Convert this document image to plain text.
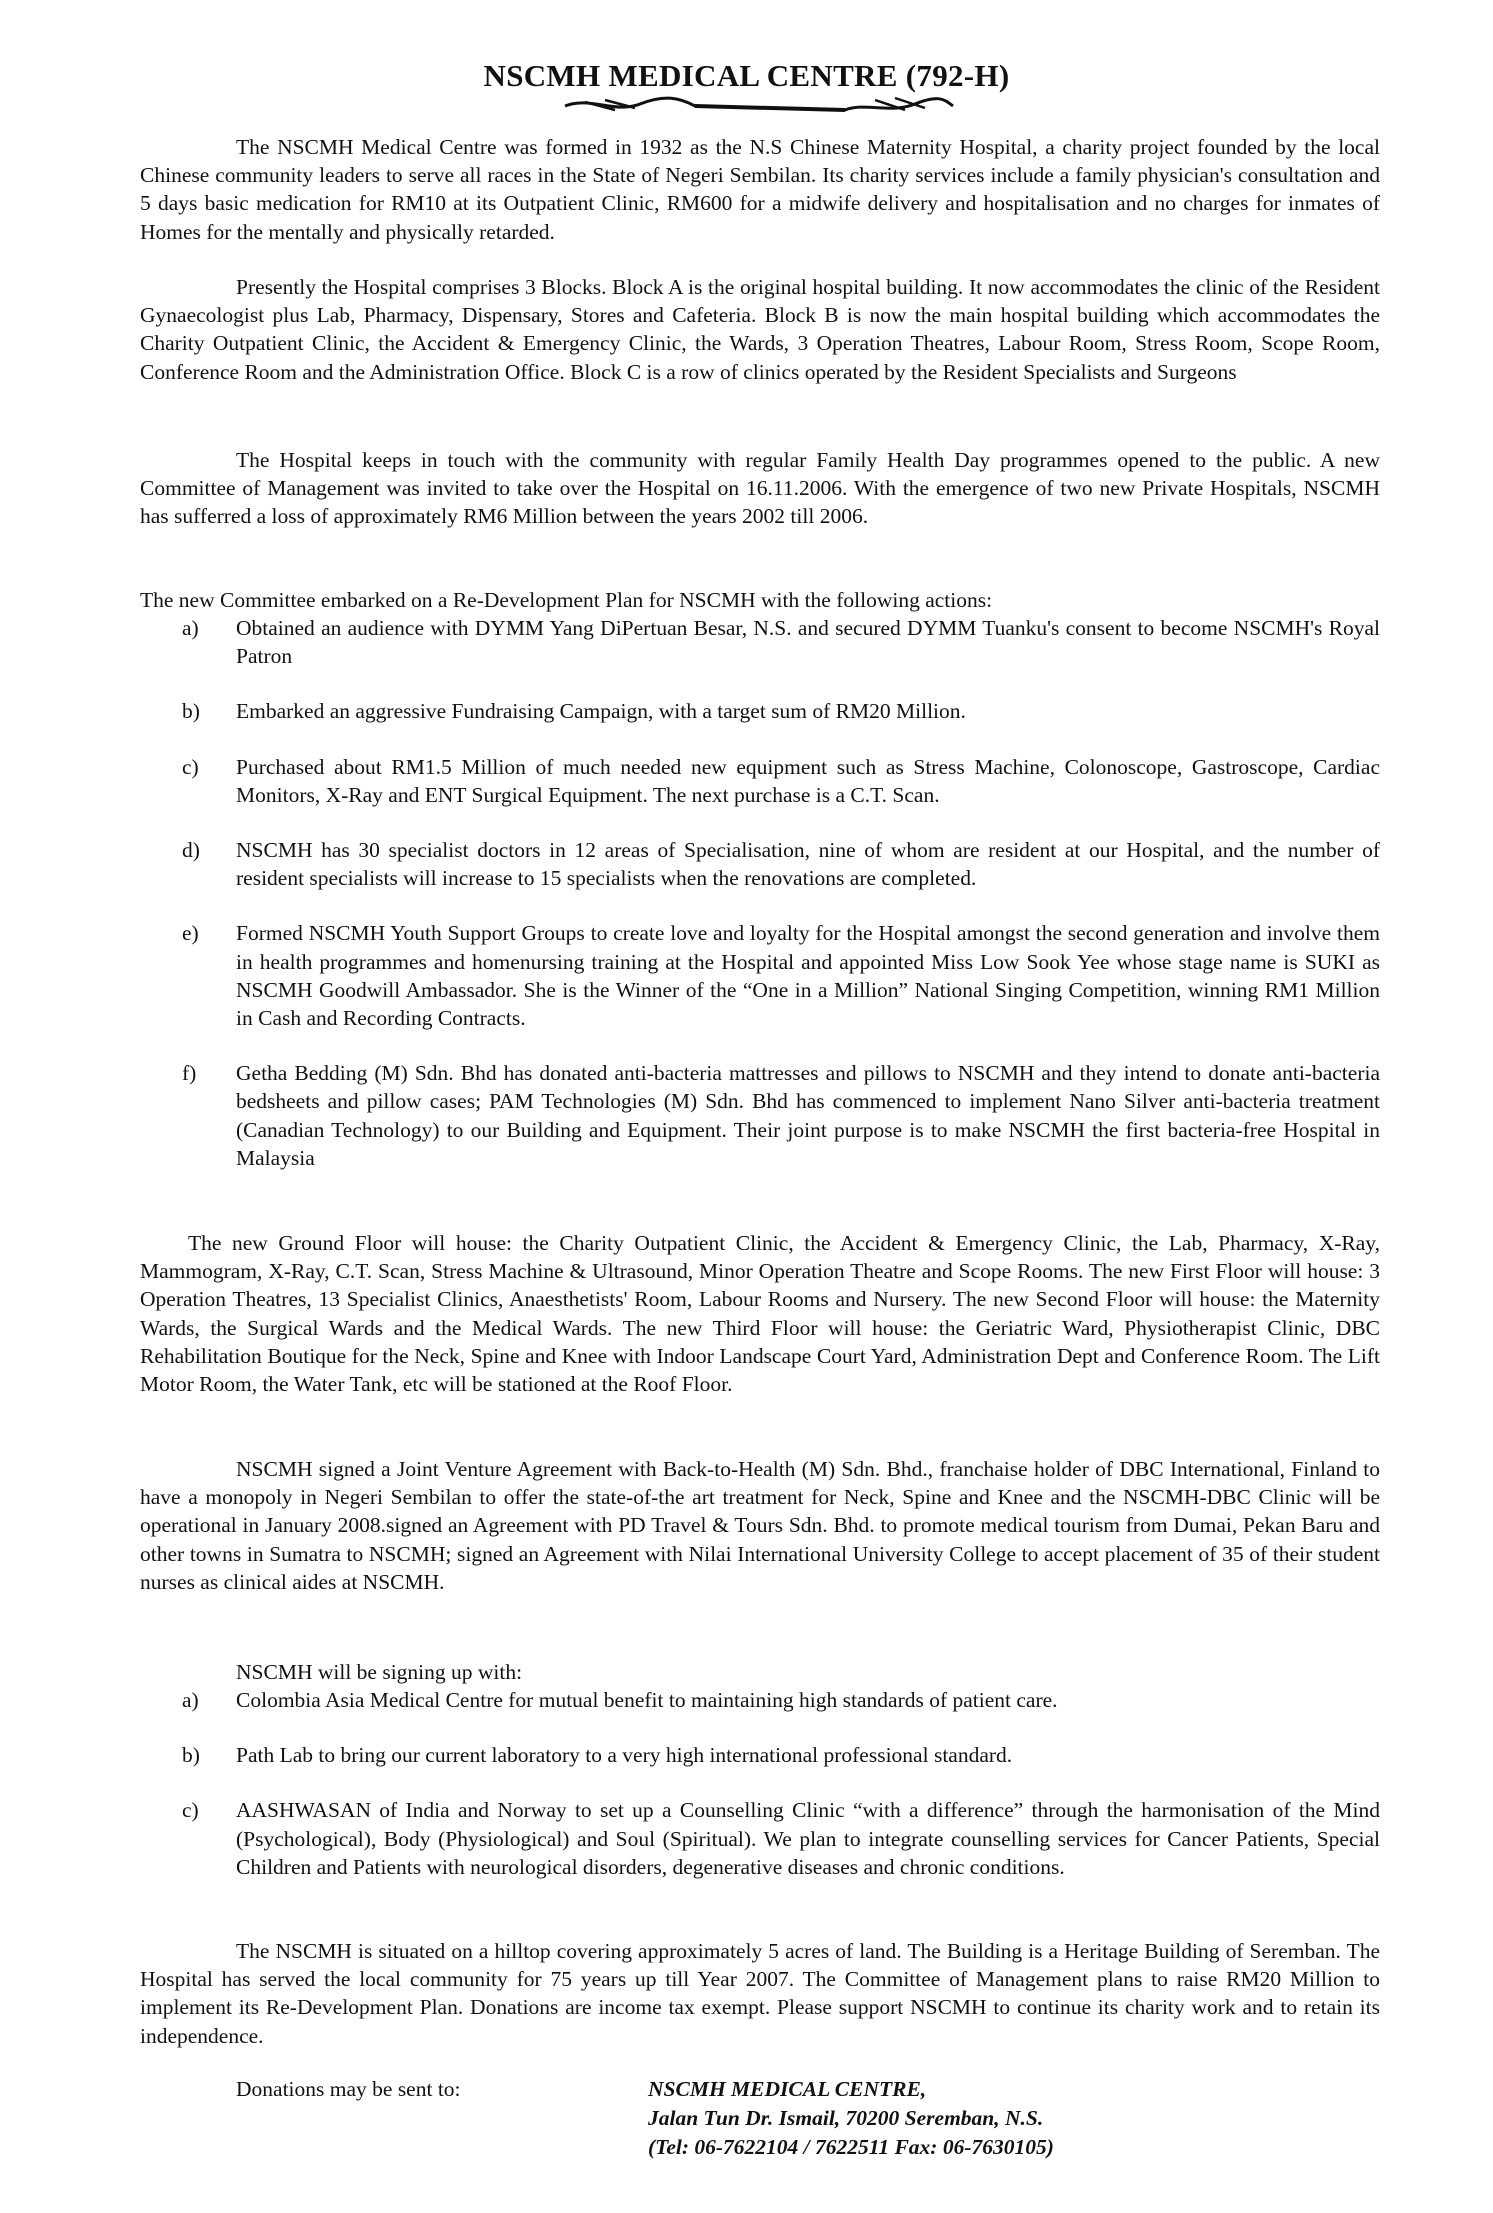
NSCMH MEDICAL CENTRE (792-H)
The NSCMH Medical Centre was formed in 1932 as the N.S Chinese Maternity Hospital, a charity project founded by the local Chinese community leaders to serve all races in the State of Negeri Sembilan. Its charity services include a family physician's consultation and 5 days basic medication for RM10 at its Outpatient Clinic, RM600 for a midwife delivery and hospitalisation and no charges for inmates of Homes for the mentally and physically retarded.
Presently the Hospital comprises 3 Blocks. Block A is the original hospital building. It now accommodates the clinic of the Resident Gynaecologist plus Lab, Pharmacy, Dispensary, Stores and Cafeteria. Block B is now the main hospital building which accommodates the Charity Outpatient Clinic, the Accident & Emergency Clinic, the Wards, 3 Operation Theatres, Labour Room, Stress Room, Scope Room, Conference Room and the Administration Office. Block C is a row of clinics operated by the Resident Specialists and Surgeons
The Hospital keeps in touch with the community with regular Family Health Day programmes opened to the public. A new Committee of Management was invited to take over the Hospital on 16.11.2006. With the emergence of two new Private Hospitals, NSCMH has sufferred a loss of approximately RM6 Million between the years 2002 till 2006.
The new Committee embarked on a Re-Development Plan for NSCMH with the following actions:
a) Obtained an audience with DYMM Yang DiPertuan Besar, N.S. and secured DYMM Tuanku's consent to become NSCMH's Royal Patron
b) Embarked an aggressive Fundraising Campaign, with a target sum of RM20 Million.
c) Purchased about RM1.5 Million of much needed new equipment such as Stress Machine, Colonoscope, Gastroscope, Cardiac Monitors, X-Ray and ENT Surgical Equipment. The next purchase is a C.T. Scan.
d) NSCMH has 30 specialist doctors in 12 areas of Specialisation, nine of whom are resident at our Hospital, and the number of resident specialists will increase to 15 specialists when the renovations are completed.
e) Formed NSCMH Youth Support Groups to create love and loyalty for the Hospital amongst the second generation and involve them in health programmes and homenursing training at the Hospital and appointed Miss Low Sook Yee whose stage name is SUKI as NSCMH Goodwill Ambassador. She is the Winner of the “One in a Million” National Singing Competition, winning RM1 Million in Cash and Recording Contracts.
f) Getha Bedding (M) Sdn. Bhd has donated anti-bacteria mattresses and pillows to NSCMH and they intend to donate anti-bacteria bedsheets and pillow cases; PAM Technologies (M) Sdn. Bhd has commenced to implement Nano Silver anti-bacteria treatment (Canadian Technology) to our Building and Equipment. Their joint purpose is to make NSCMH the first bacteria-free Hospital in Malaysia
The new Ground Floor will house: the Charity Outpatient Clinic, the Accident & Emergency Clinic, the Lab, Pharmacy, X-Ray, Mammogram, X-Ray, C.T. Scan, Stress Machine & Ultrasound, Minor Operation Theatre and Scope Rooms. The new First Floor will house: 3 Operation Theatres, 13 Specialist Clinics, Anaesthetists' Room, Labour Rooms and Nursery. The new Second Floor will house: the Maternity Wards, the Surgical Wards and the Medical Wards. The new Third Floor will house: the Geriatric Ward, Physiotherapist Clinic, DBC Rehabilitation Boutique for the Neck, Spine and Knee with Indoor Landscape Court Yard, Administration Dept and Conference Room. The Lift Motor Room, the Water Tank, etc will be stationed at the Roof Floor.
NSCMH signed a Joint Venture Agreement with Back-to-Health (M) Sdn. Bhd., franchaise holder of DBC International, Finland to have a monopoly in Negeri Sembilan to offer the state-of-the art treatment for Neck, Spine and Knee and the NSCMH-DBC Clinic will be operational in January 2008.signed an Agreement with PD Travel & Tours Sdn. Bhd. to promote medical tourism from Dumai, Pekan Baru and other towns in Sumatra to NSCMH; signed an Agreement with Nilai International University College to accept placement of 35 of their student nurses as clinical aides at NSCMH.
NSCMH will be signing up with:
a) Colombia Asia Medical Centre for mutual benefit to maintaining high standards of patient care.
b) Path Lab to bring our current laboratory to a very high international professional standard.
c) AASHWASAN of India and Norway to set up a Counselling Clinic “with a difference” through the harmonisation of the Mind (Psychological), Body (Physiological) and Soul (Spiritual). We plan to integrate counselling services for Cancer Patients, Special Children and Patients with neurological disorders, degenerative diseases and chronic conditions.
The NSCMH is situated on a hilltop covering approximately 5 acres of land. The Building is a Heritage Building of Seremban. The Hospital has served the local community for 75 years up till Year 2007. The Committee of Management plans to raise RM20 Million to implement its Re-Development Plan. Donations are income tax exempt. Please support NSCMH to continue its charity work and to retain its independence.
Donations may be sent to:	NSCMH MEDICAL CENTRE,
Jalan Tun Dr. Ismail, 70200 Seremban, N.S.
(Tel: 06-7622104 / 7622511 Fax: 06-7630105)
